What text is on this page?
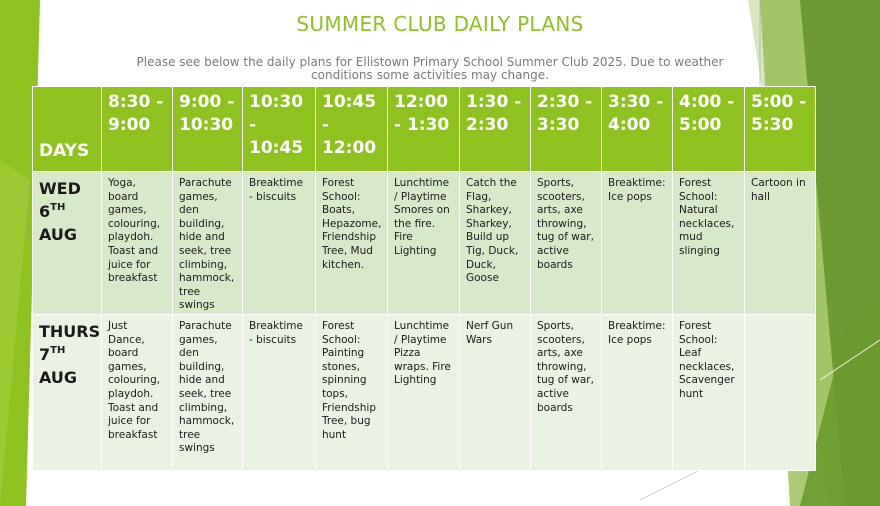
SUMMER CLUB DAILY PLANS

Please see below the daily plans for Ellistown Primary School Summer Club 2025. Due to weather conditions some activities may change.

DAYS	8:30 - 9:00	9:00 - 10:30	10:30 - 10:45	10:45 - 12:00	12:00 - 1:30	1:30 - 2:30	2:30 - 3:30	3:30 - 4:00	4:00 - 5:00	5:00 - 5:30
WED 6TH
AUG	Yoga, board games, colouring, playdoh. Toast and juice for breakfast	Parachute games, den building, hide and seek, tree climbing, hammock, tree swings	Breaktime - biscuits	Forest School: Boats, Hepazome, Friendship Tree, Mud kitchen.	Lunchtime / Playtime Smores on the fire. Fire Lighting	Catch the Flag, Sharkey, Sharkey, Build up Tig, Duck, Duck, Goose	Sports, scooters, arts, axe throwing, tug of war, active boards	Breaktime: Ice pops	Forest School: Natural necklaces, mud slinging	Cartoon in hall
THURS 7TH
AUG	Just Dance, board games, colouring, playdoh. Toast and juice for breakfast	Parachute games, den building, hide and seek, tree climbing, hammock, tree swings	Breaktime - biscuits	Forest School: Painting stones, spinning tops, Friendship Tree, bug hunt	Lunchtime / Playtime Pizza wraps. Fire Lighting	Nerf Gun Wars	Sports, scooters, arts, axe throwing, tug of war, active boards	Breaktime: Ice pops	Forest School: Leaf necklaces, Scavenger hunt	
